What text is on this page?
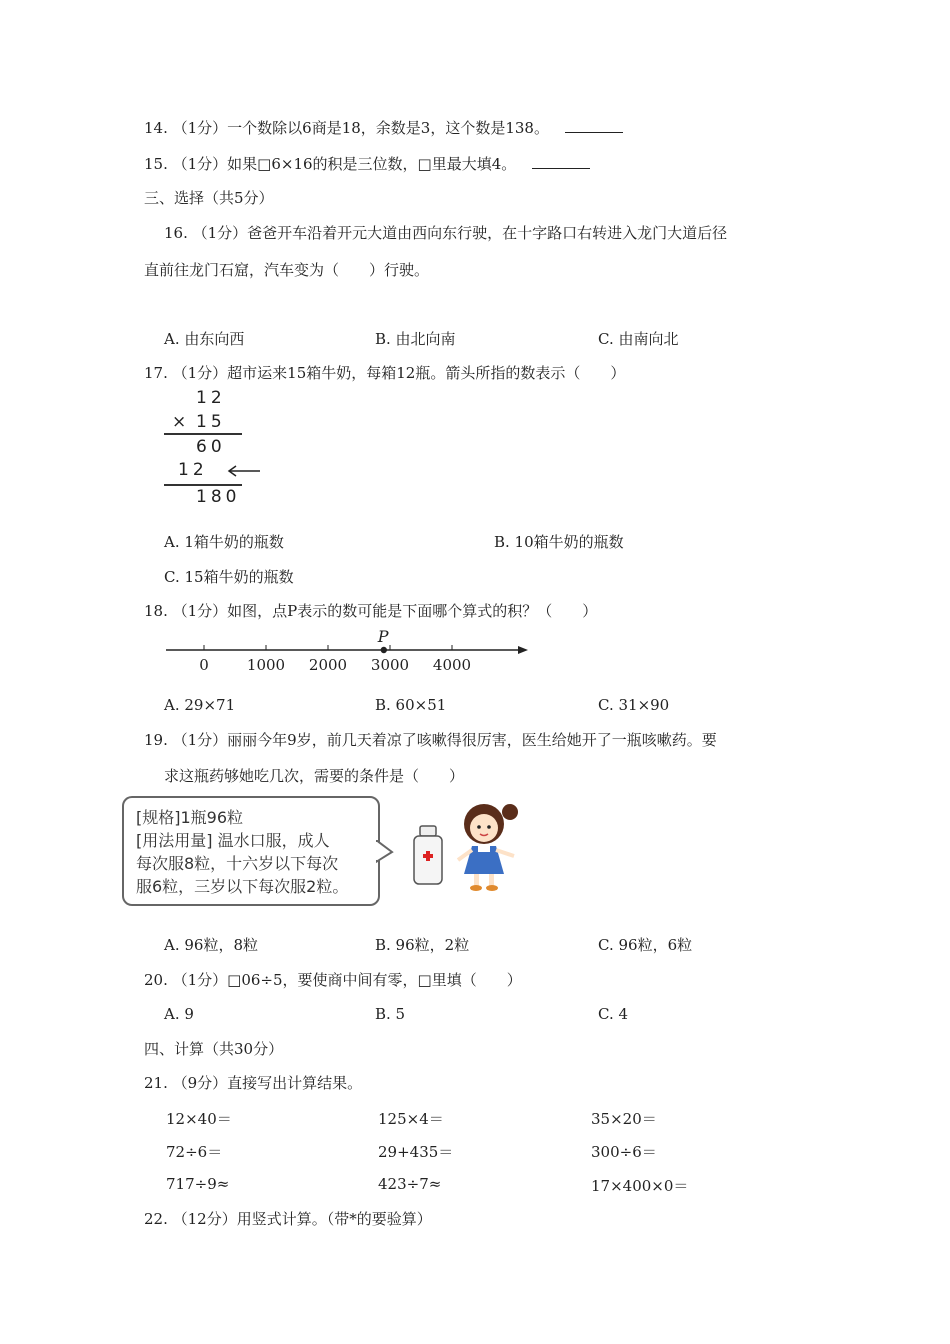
14. （1分）一个数除以6商是18，余数是3，这个数是138。
15. （1分）如果□6×16的积是三位数，□里最大填4。
三、选择（共5分）
16. （1分）爸爸开车沿着开元大道由西向东行驶，在十字路口右转进入龙门大道后径
直前往龙门石窟，汽车变为（　　）行驶。
A. 由东向西	B. 由北向南	C. 由南向北
17. （1分）超市运来15箱牛奶，每箱12瓶。箭头所指的数表示（　　）
12
× 15
60
12
180
A. 1箱牛奶的瓶数	B. 10箱牛奶的瓶数
C. 15箱牛奶的瓶数
18. （1分）如图，点P表示的数可能是下面哪个算式的积？（　　）
0	1000 2000 3000 4000
P
A. 29×71	B. 60×51	C. 31×90
19. （1分）丽丽今年9岁，前几天着凉了咳嗽得很厉害，医生给她开了一瓶咳嗽药。要
求这瓶药够她吃几次，需要的条件是（　　）
[规格]1瓶96粒
[用法用量] 温水口服，成人
每次服8粒，十六岁以下每次
服6粒，三岁以下每次服2粒。
A. 96粒，8粒	B. 96粒，2粒	C. 96粒，6粒
20. （1分）□06÷5，要使商中间有零，□里填（　　）
A. 9	B. 5	C. 4
四、计算（共30分）
21. （9分）直接写出计算结果。
12×40＝	125×4＝	35×20＝
72÷6＝	29+435＝	300÷6＝
717÷9≈	423÷7≈	17×400×0＝
22. （12分）用竖式计算。（带*的要验算）
